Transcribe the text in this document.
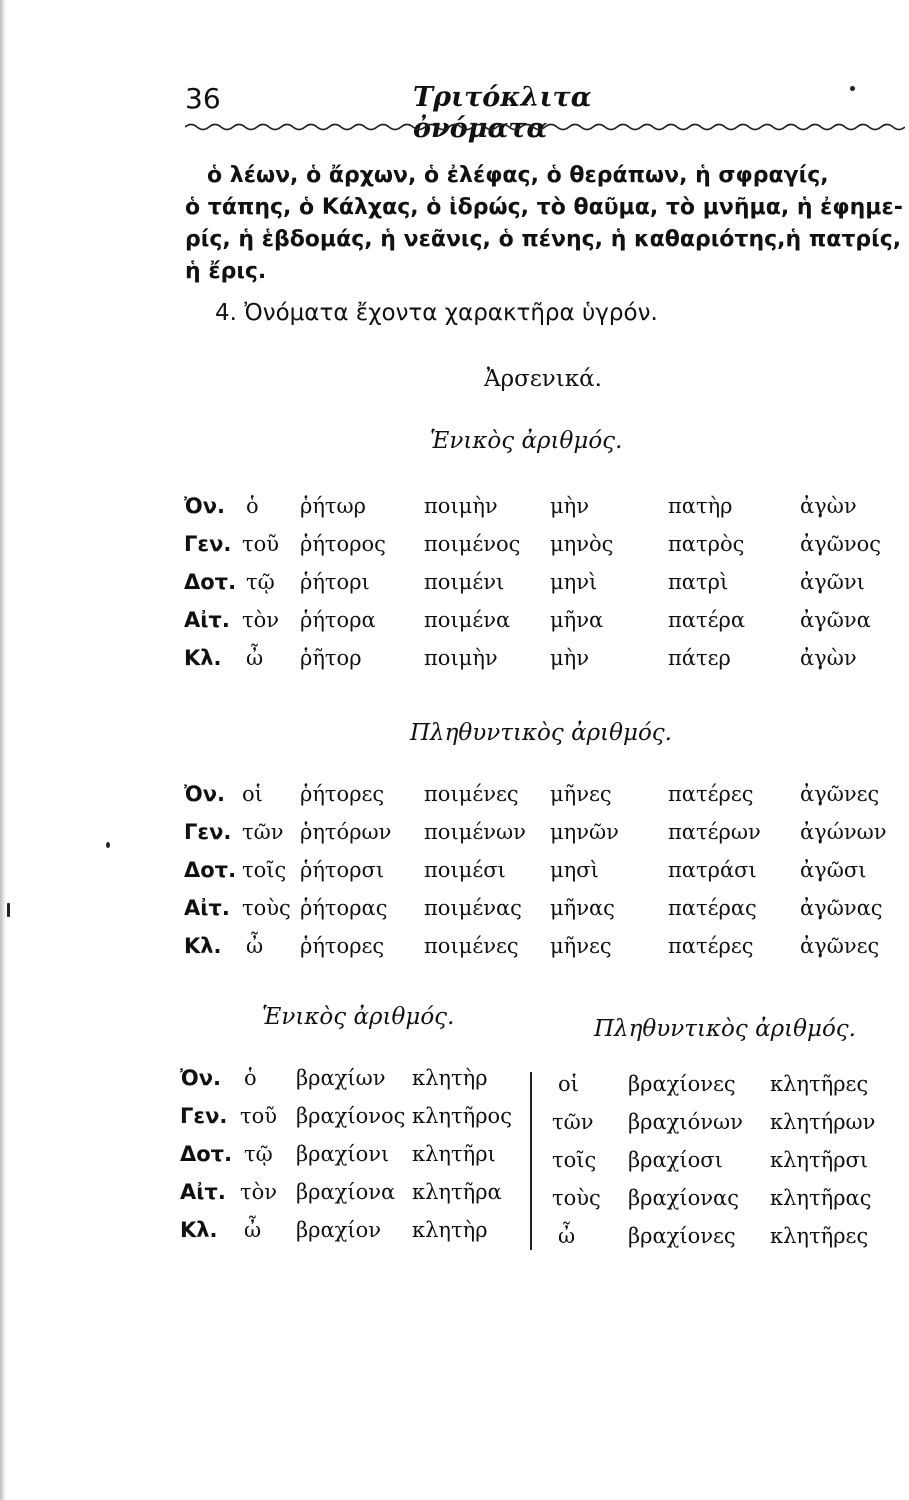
36	Τριτόκλιτα ὀνόματα

ὁ λέων, ὁ ἄρχων, ὁ ἐλέφας, ὁ θεράπων, ἡ σφραγίς,

ὁ τάπης, ὁ Κάλχας, ὁ ἱδρώς, τὸ θαῦμα, τὸ μνῆμα, ἡ ἐφημε-

ρίς, ἡ ἑβδομάς, ἡ νεᾶνις, ὁ πένης, ἡ καθαριότης,ἡ πατρίς,

ἡ ἔρις.

4. Ὀνόματα ἔχοντα χαρακτῆρα ὑγρόν.
Ἀρσενικά.
Ἑνικὸς ἀριθμός.
Ὀν. ὁ ῥήτωρ	ποιμὴν μὴν	πατὴρ	ἀγὼν
Γεν. τοῦ ῥήτορος ποιμένος μηνὸς	πατρὸς	ἀγῶνος
Δοτ. τῷ ῥήτορι	ποιμένι μηνὶ	πατρὶ	ἀγῶνι
Αἰτ. τὸν ῥήτορα ποιμένα μῆνα	πατέρα	ἀγῶνα
Κλ. ὦ ῥῆτορ	ποιμὴν μὴν	πάτερ	ἀγὼν
Πληθυντικὸς ἀριθμός.
Ὀν. οἱ ῥήτορες ποιμένες μῆνες	πατέρες ἀγῶνες
Γεν. τῶν ῥητόρων ποιμένων μηνῶν πατέρων ἀγώνων
Δοτ. τοῖς ῥήτορσι ποιμέσι μησὶ	πατράσι ἀγῶσι
Αἰτ. τοὺς ῥήτορας ποιμένας μῆνας	πατέρας ἀγῶνας
Κλ. ὦ ῥήτορες ποιμένες μῆνες	πατέρες ἀγῶνες
Ἑνικὸς ἀριθμός.	Πληθυντικὸς ἀριθμός.
Ὀν. ὁ βραχίων κλητὴρ
Γεν. τοῦ βραχίονος κλητῆρος
Δοτ. τῷ βραχίονι κλητῆρι
Αἰτ. τὸν βραχίονα κλητῆρα
Κλ. ὦ βραχίον κλητὴρ
οἱ βραχίονες κλητῆρες
τῶν βραχιόνων κλητήρων
τοῖς βραχίοσι κλητῆρσι
τοὺς βραχίονας κλητῆρας
ὦ	βραχίονες κλητῆρες
